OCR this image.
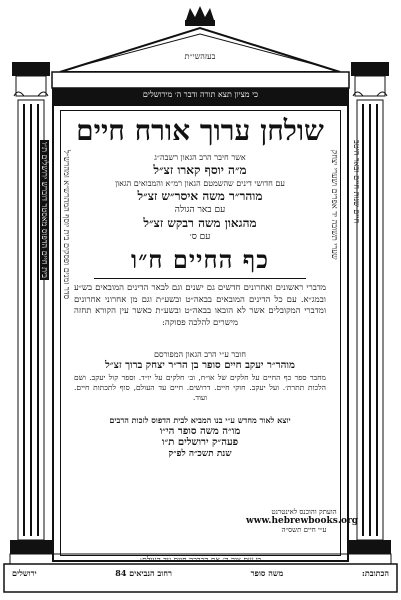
בעזהשי״ת
כי מציון תצא תורה ודבר ה׳ מירושלים
בית חיים הדפוס מאסטר דוברש ירושלים ת״ו סדר זמנים ופסקים בית יוסף המהרש״א ומהרש״ל	שערי תשובה יד אפרים ושערי יצחק חיים שנות חיים ובאר היטב
שולחן ערוך אורח חיים
אשר חיבר הרב הגאון רשבה״ג
מ״ה יוסף קארו זצ״ל
עם חדושי דינים שהשמטם הגאון רמ״א והמבואים הגאון
מוהר״ר משה איסר״ש זצ״ל
עם באר הגולה
מהגאון משה רבקש זצ״ל
עם ס׳
כף החיים ח״ו
מדברי ראשונים ואחרונים חדשים גם ישנים וגם לבאר הדינים המובאים בש״ע ובמג״א. עם כל הדינים המובאים בבאה״ט ובשע״ת וגם מן אחרוני אחרונים ומדברי המקובלים אשר לא הובאו בבאה״ט ובשע״ת כאשר עין הקורא תחזה מישרים להלכה פסוקה:
חובר ע״י הרב הגאון המפורסם
מוהר״ר יעקב חיים סופר בן הר״ר יצחק ברוך זצ״ל
מחבר ספר כף החיים על חלקים של או״ח, וב׳ חלקים על יו״ד. וספר קול יעקב. ושם הלכות תתרת׳. ועל יעקב. חוקי חיים. דרושים. חיים עד העולם, סוף לתכתות חיים. ועוד.
יוצא לאור מחדש ע״י בנו המביא לבית הדפוס לזכות הרבים
מו״ה משה סופר הי״ו
פעה״ק ירושלים ת״ו
שנת תשכ״ה לפ״ק
הועתק והוכנס לאינטרנט
www.hebrewbooks.org
ע״י חיים תשס״ה
כי שם צוה ה׳ את הברכה חיים עד העולם:
הכתובת:
משה סופר
רחוב הנביאים 84
ירושלים
